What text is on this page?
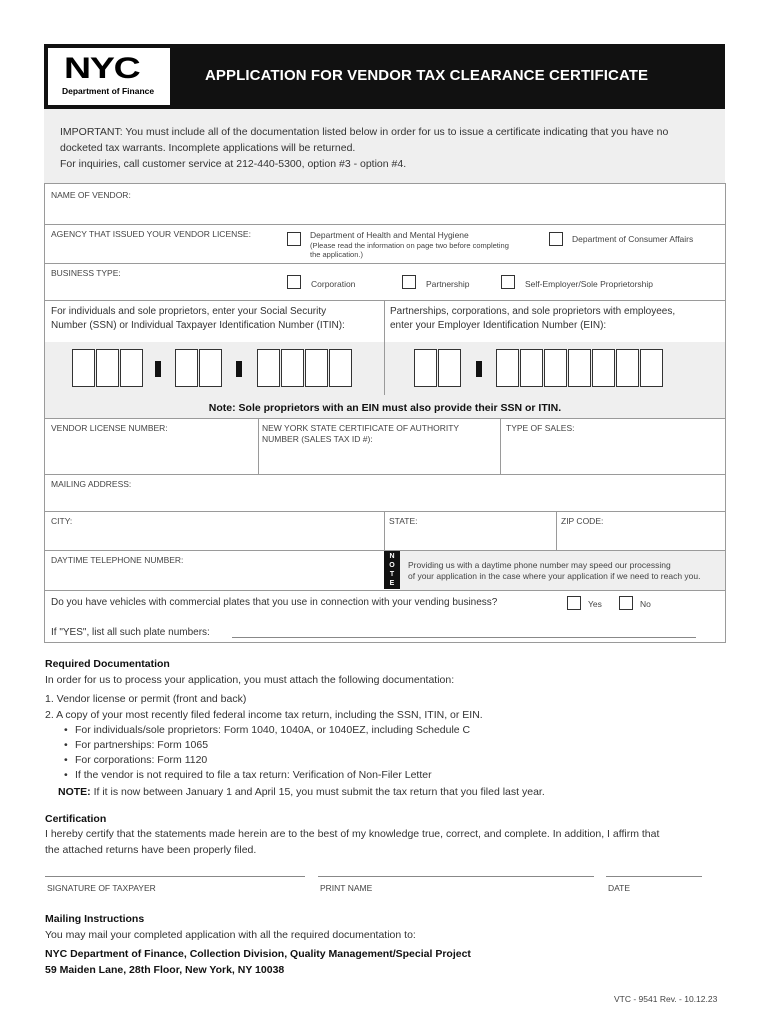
NYC
Department of Finance
APPLICATION FOR VENDOR TAX CLEARANCE CERTIFICATE
IMPORTANT: You must include all of the documentation listed below in order for us to issue a certificate indicating that you have no
docketed tax warrants. Incomplete applications will be returned.
For inquiries, call customer service at 212-440-5300, option #3 - option #4.
NAME OF VENDOR:
AGENCY THAT ISSUED YOUR VENDOR LICENSE:	Department of Health and Mental Hygiene
(Please read the information on page two before completing
the application.)
Department of Consumer Affairs
BUSINESS TYPE:
Corporation	Partnership	Self-Employer/Sole Proprietorship
For individuals and sole proprietors, enter your Social Security
Number (SSN) or Individual Taxpayer Identification Number (ITIN):
Partnerships, corporations, and sole proprietors with employees,
enter your Employer Identification Number (EIN):
Note: Sole proprietors with an EIN must also provide their SSN or ITIN.
VENDOR LICENSE NUMBER:	NEW YORK STATE CERTIFICATE OF AUTHORITY
NUMBER (SALES TAX ID #):
TYPE OF SALES:
MAILING ADDRESS:
CITY:	STATE:	ZIP CODE:
DAYTIME TELEPHONE NUMBER:	N
O
T
E
Providing us with a daytime phone number may speed our processing
of your application in the case where your application if we need to reach you.
Do you have vehicles with commercial plates that you use in connection with your vending business?	Yes	No
If "YES", list all such plate numbers:
Required Documentation
In order for us to process your application, you must attach the following documentation:
1. Vendor license or permit (front and back)
2. A copy of your most recently filed federal income tax return, including the SSN, ITIN, or EIN.
• For individuals/sole proprietors: Form 1040, 1040A, or 1040EZ, including Schedule C
• For partnerships: Form 1065
• For corporations: Form 1120
• If the vendor is not required to file a tax return: Verification of Non-Filer Letter
NOTE: If it is now between January 1 and April 15, you must submit the tax return that you filed last year.
Certification
I hereby certify that the statements made herein are to the best of my knowledge true, correct, and complete. In addition, I affirm that
the attached returns have been properly filed.
SIGNATURE OF TAXPAYER	PRINT NAME	DATE
Mailing Instructions
You may mail your completed application with all the required documentation to:
NYC Department of Finance, Collection Division, Quality Management/Special Project
59 Maiden Lane, 28th Floor, New York, NY 10038
VTC - 9541 Rev. - 10.12.23
